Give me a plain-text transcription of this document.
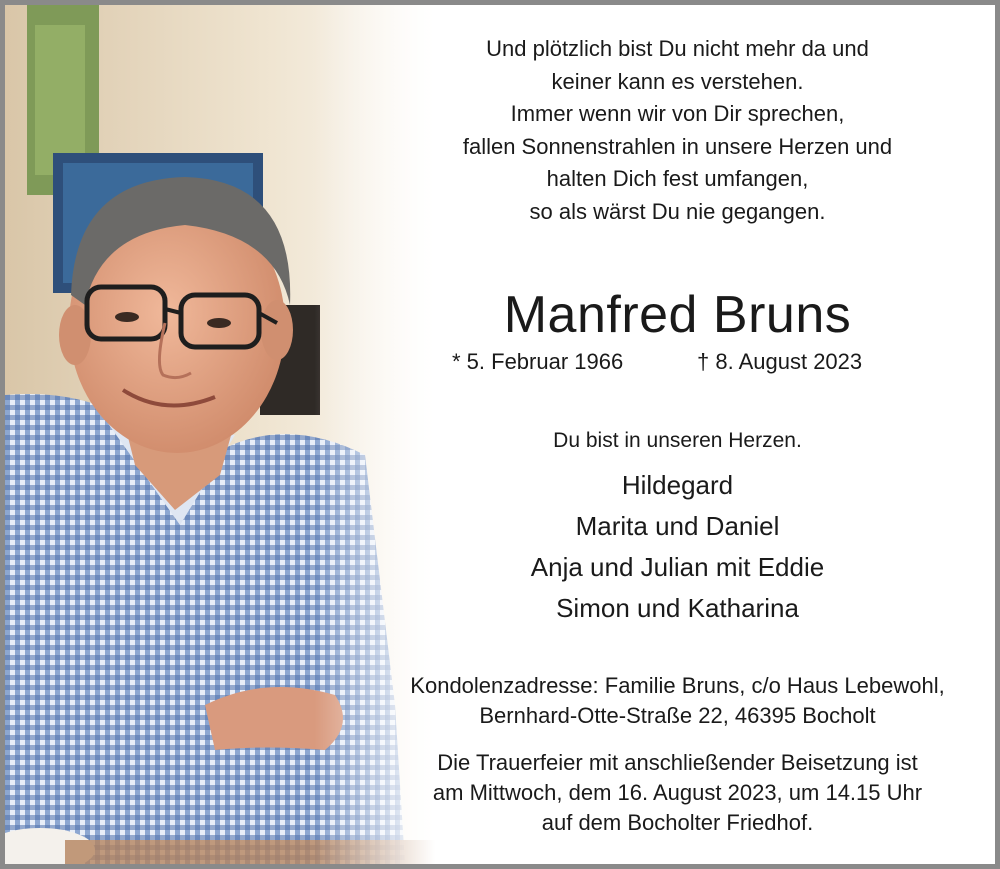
Und plötzlich bist Du nicht mehr da und
keiner kann es verstehen.
Immer wenn wir von Dir sprechen,
fallen Sonnenstrahlen in unsere Herzen und
halten Dich fest umfangen,
so als wärst Du nie gegangen.
Manfred Bruns
* 5. Februar 1966	† 8. August 2023
Du bist in unseren Herzen.
Hildegard
Marita und Daniel
Anja und Julian mit Eddie
Simon und Katharina
Kondolenzadresse: Familie Bruns, c/o Haus Lebewohl,
Bernhard-Otte-Straße 22, 46395 Bocholt
Die Trauerfeier mit anschließender Beisetzung ist
am Mittwoch, dem 16. August 2023, um 14.15 Uhr
auf dem Bocholter Friedhof.
